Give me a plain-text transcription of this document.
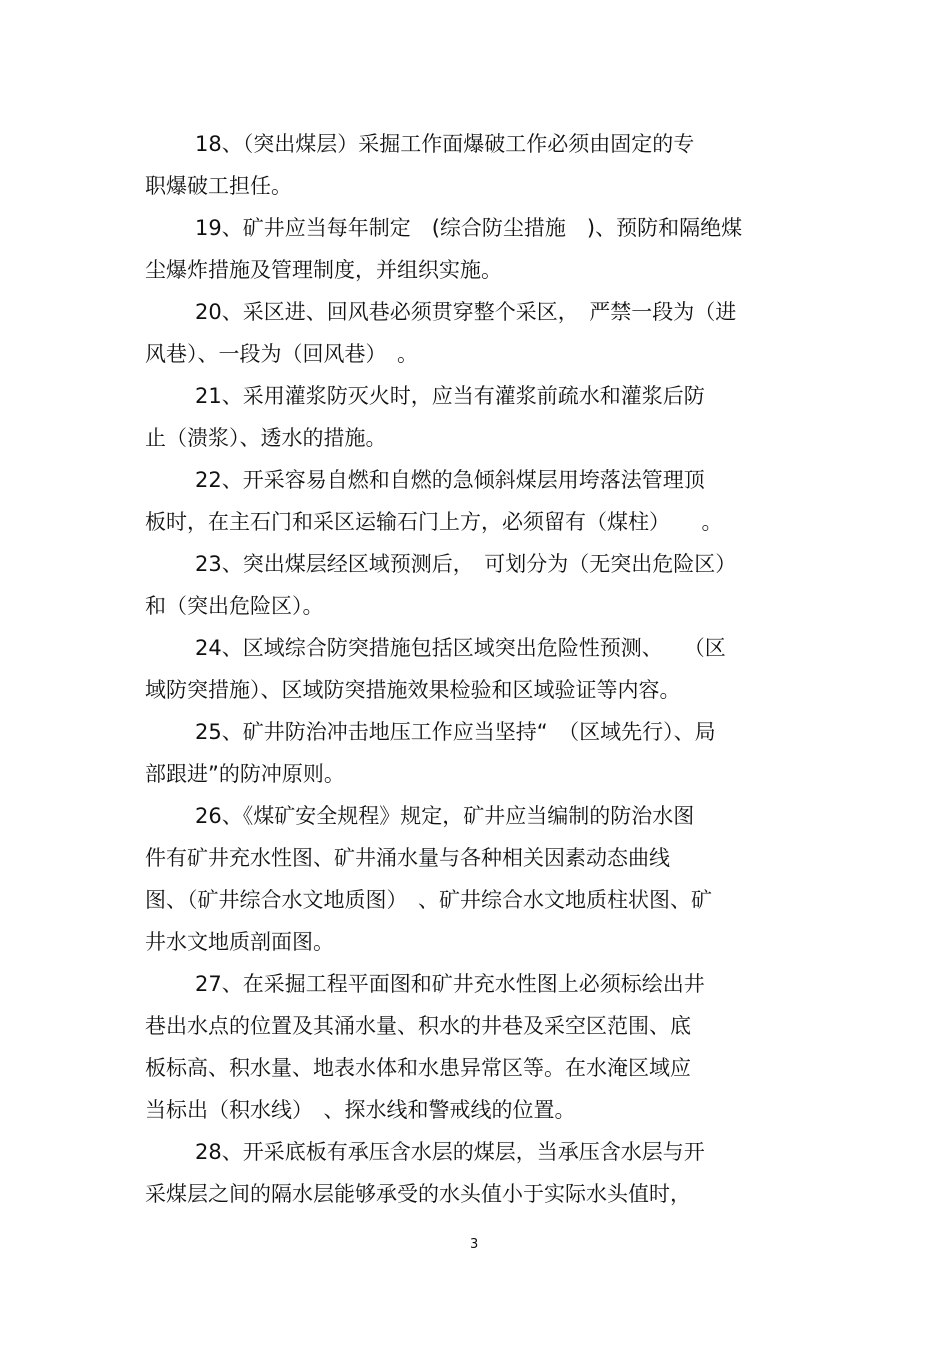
18、（突出煤层）采掘工作面爆破工作必须由固定的专
职爆破工担任。
19、矿井应当每年制定　(综合防尘措施　)、预防和隔绝煤
尘爆炸措施及管理制度，并组织实施。
20、采区进、回风巷必须贯穿整个采区，　严禁一段为（进
风巷）、一段为（回风巷）　。
21、采用灌浆防灭火时，应当有灌浆前疏水和灌浆后防
止（溃浆）、透水的措施。
22、开采容易自燃和自燃的急倾斜煤层用垮落法管理顶
板时，在主石门和采区运输石门上方，必须留有（煤柱）　　。
23、突出煤层经区域预测后，　可划分为（无突出危险区）
和（突出危险区）。
24、区域综合防突措施包括区域突出危险性预测、　　（区
域防突措施）、区域防突措施效果检验和区域验证等内容。
25、矿井防治冲击地压工作应当坚持“　（区域先行）、局
部跟进”的防冲原则。
26、《煤矿安全规程》规定，矿井应当编制的防治水图
件有矿井充水性图、矿井涌水量与各种相关因素动态曲线
图、（矿井综合水文地质图）　、矿井综合水文地质柱状图、矿
井水文地质剖面图。
27、在采掘工程平面图和矿井充水性图上必须标绘出井
巷出水点的位置及其涌水量、积水的井巷及采空区范围、底
板标高、积水量、地表水体和水患异常区等。在水淹区域应
当标出（积水线）　、探水线和警戒线的位置。
28、开采底板有承压含水层的煤层，当承压含水层与开
采煤层之间的隔水层能够承受的水头值小于实际水头值时，
3
